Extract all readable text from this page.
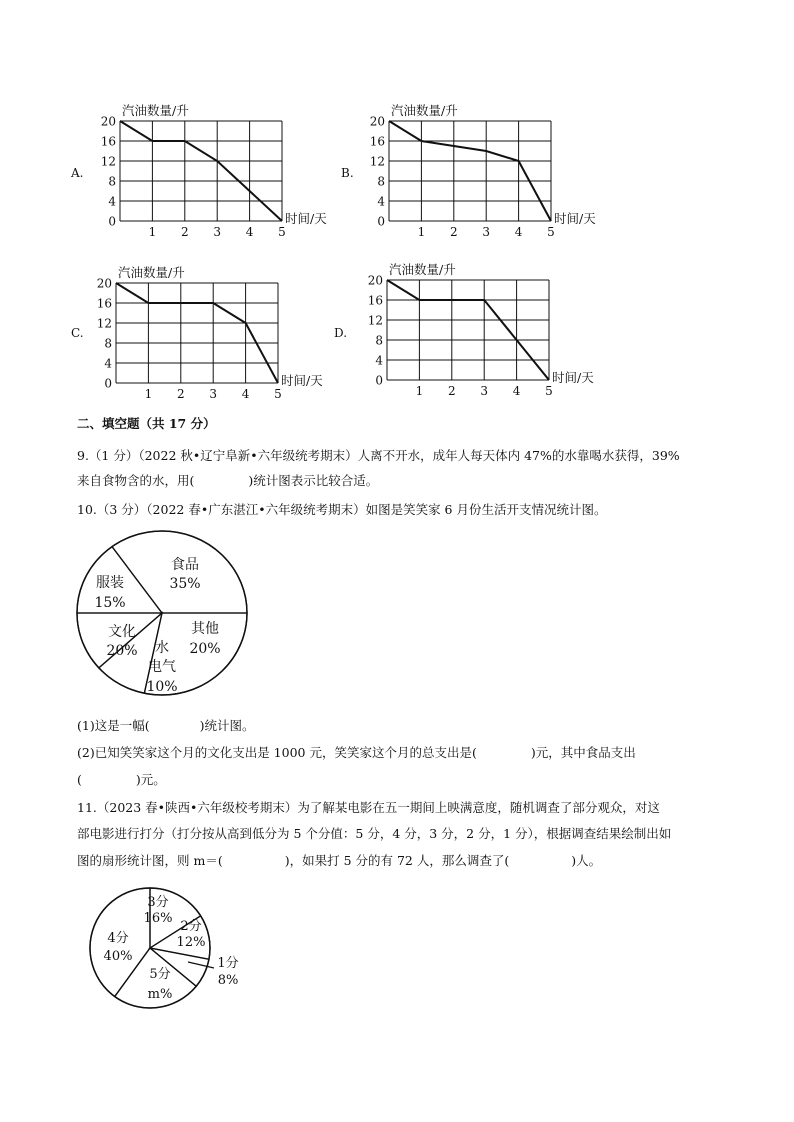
A.	B.
C.	D.
20
16
12
8
4
0
1 2 3 4 5
汽油数量/升
时间/天
20
16
12
8
4
0
1 2 3 4 5
汽油数量/升
时间/天
20
16
12
8
4
0
1 2 3 4 5
汽油数量/升
时间/天
20
16
12
8
4
0
1 2 3 4 5
汽油数量/升
时间/天
二、填空题（共 17 分）
9.（1 分）（2022 秋•辽宁阜新•六年级统考期末）人离不开水，成年人每天体内 47%的水靠喝水获得，39%
来自食物含的水，用(	)统计图表示比较合适。
10.（3 分）（2022 春•广东湛江•六年级统考期末）如图是笑笑家 6 月份生活开支情况统计图。
食品
35%
服装
15%
文化
20% 水
电气
10%
其他
20%
(1)这是一幅(	)统计图。
(2)已知笑笑家这个月的文化支出是 1000 元，笑笑家这个月的总支出是(	)元，其中食品支出
(	)元。
11.（2023 春•陕西•六年级校考期末）为了解某电影在五一期间上映满意度，随机调查了部分观众，对这
部电影进行打分（打分按从高到低分为 5 个分值：5 分，4 分，3 分，2 分，1 分），根据调查结果绘制出如
图的扇形统计图，则 m＝(	)，如果打 5 分的有 72 人，那么调查了(	)人。
3分
16%
2分
12%
1分
8%
5分
m%
4分
40%
